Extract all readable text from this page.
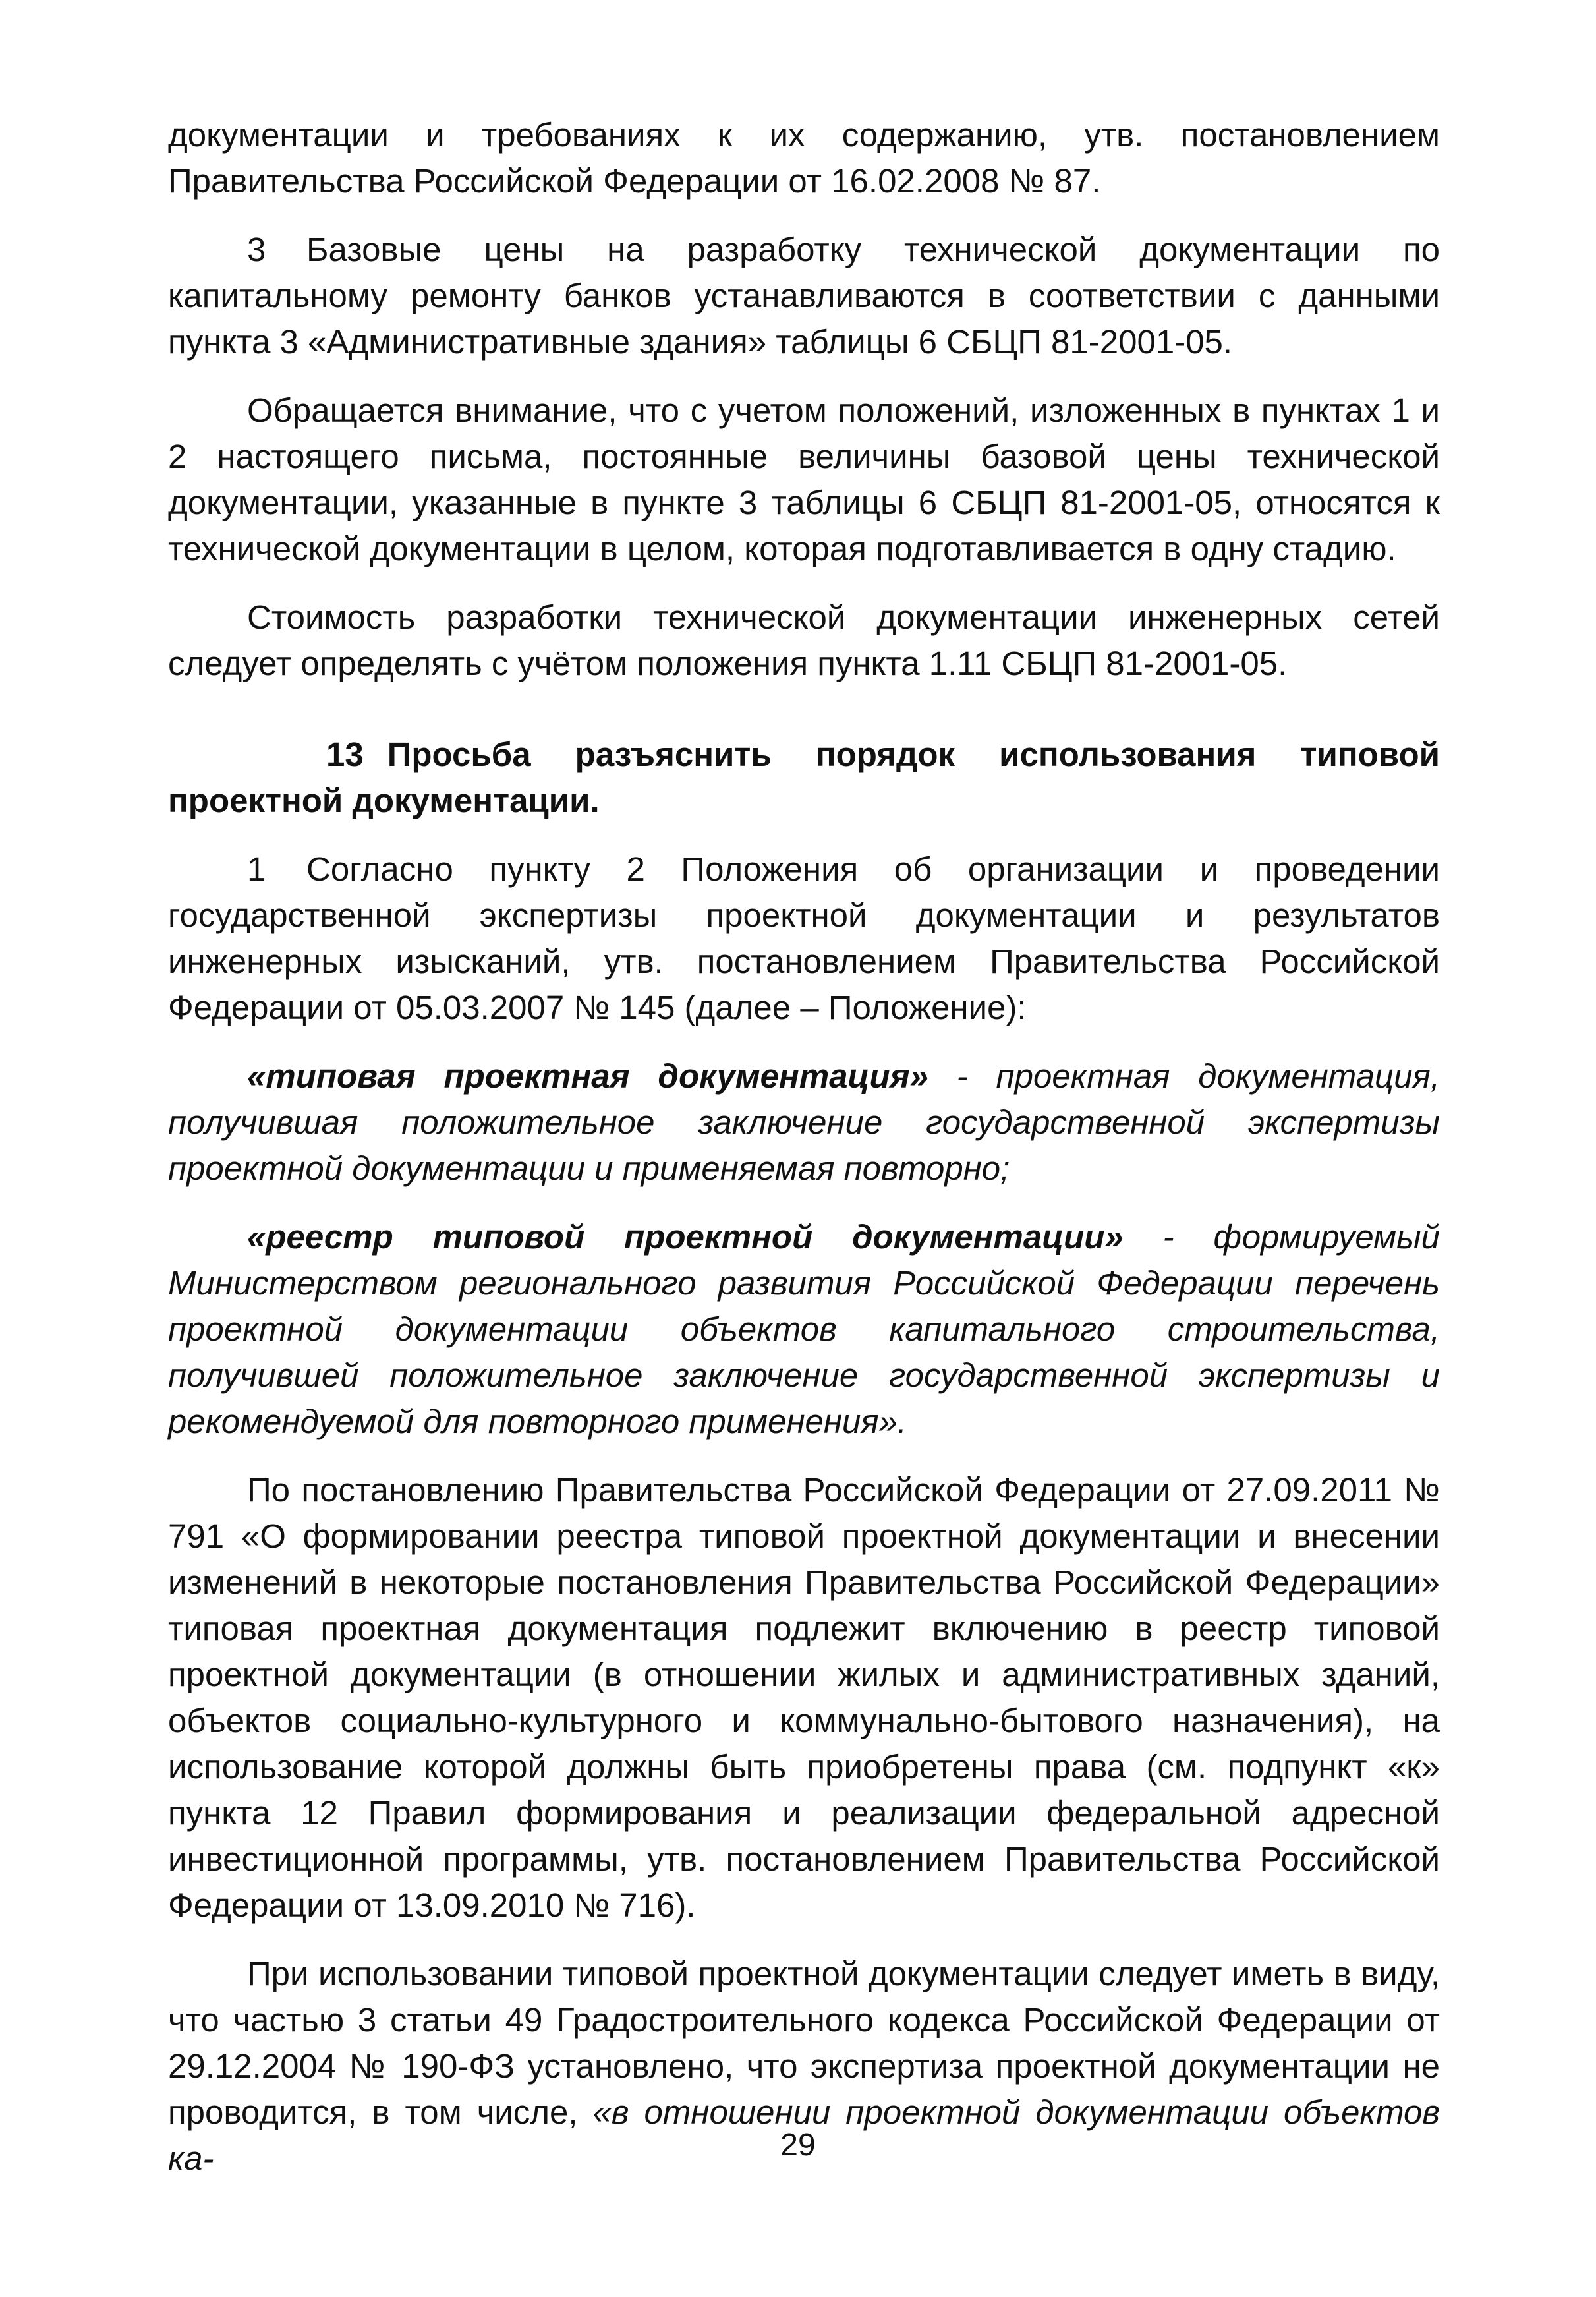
документации и требованиях к их содержанию, утв. постановлением Правительства Российской Федерации от 16.02.2008 № 87.

3 Базовые цены на разработку технической документации по капитальному ремонту банков устанавливаются в соответствии с данными пункта 3 «Административные здания» таблицы 6 СБЦП 81-2001-05.

Обращается внимание, что с учетом положений, изложенных в пунктах 1 и 2 настоящего письма, постоянные величины базовой цены технической документации, указанные в пункте 3 таблицы 6 СБЦП 81-2001-05, относятся к технической документации в целом, которая подготавливается в одну стадию.

Стоимость разработки технической документации инженерных сетей следует определять с учётом положения пункта 1.11 СБЦП 81-2001-05.

13 Просьба разъяснить порядок использования типовой проектной документации.

1 Согласно пункту 2 Положения об организации и проведении государственной экспертизы проектной документации и результатов инженерных изысканий, утв. постановлением Правительства Российской Федерации от 05.03.2007 № 145 (далее – Положение):

«типовая проектная документация» - проектная документация, получившая положительное заключение государственной экспертизы проектной документации и применяемая повторно;

«реестр типовой проектной документации» - формируемый Министерством регионального развития Российской Федерации перечень проектной документации объектов капитального строительства, получившей положительное заключение государственной экспертизы и рекомендуемой для повторного применения».

По постановлению Правительства Российской Федерации от 27.09.2011 № 791 «О формировании реестра типовой проектной документации и внесении изменений в некоторые постановления Правительства Российской Федерации» типовая проектная документация подлежит включению в реестр типовой проектной документации (в отношении жилых и административных зданий, объектов социально-культурного и коммунально-бытового назначения), на использование которой должны быть приобретены права (см. подпункт «к» пункта 12 Правил формирования и реализации федеральной адресной инвестиционной программы, утв. постановлением Правительства Российской Федерации от 13.09.2010 № 716).

При использовании типовой проектной документации следует иметь в виду, что частью 3 статьи 49 Градостроительного кодекса Российской Федерации от 29.12.2004 № 190-ФЗ установлено, что экспертиза проектной документации не проводится, в том числе, «в отношении проектной документации объектов ка-	29
